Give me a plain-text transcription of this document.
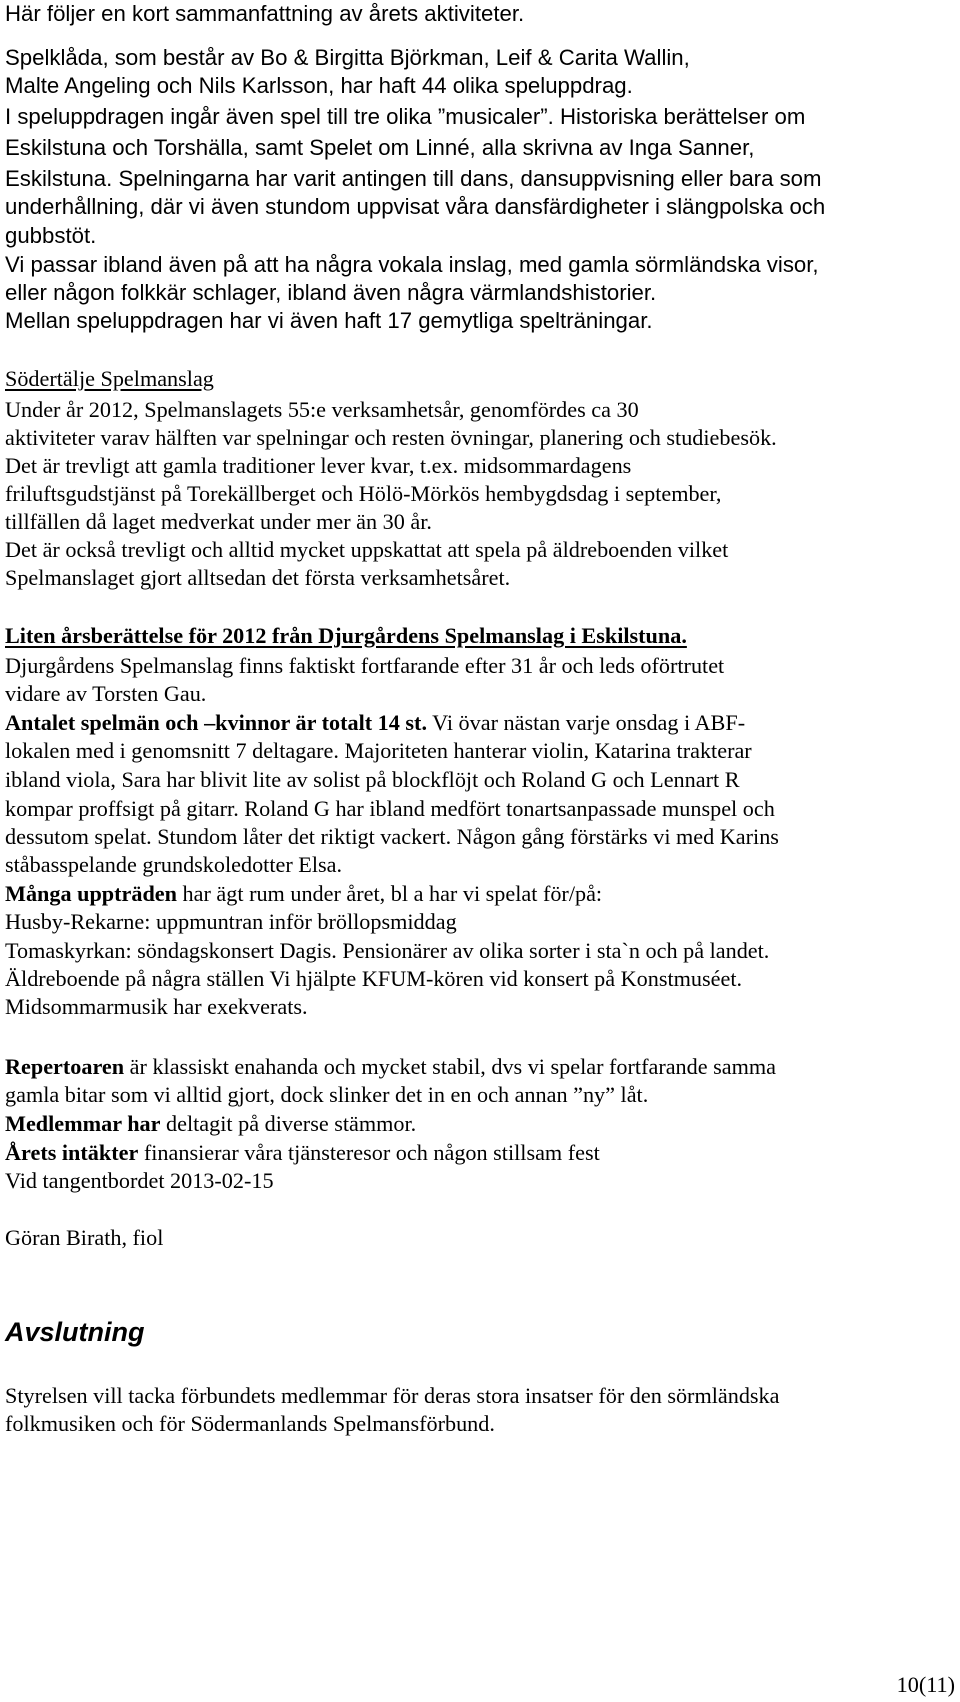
Här följer en kort sammanfattning av årets aktiviteter.
Spelklåda, som består av Bo & Birgitta Björkman, Leif & Carita Wallin,
Malte Angeling och Nils Karlsson, har haft 44 olika speluppdrag.
I speluppdragen ingår även spel till tre olika ”musicaler”. Historiska berättelser om
Eskilstuna och Torshälla, samt Spelet om Linné, alla skrivna av Inga Sanner,
Eskilstuna. Spelningarna har varit antingen till dans, dansuppvisning eller bara som
underhållning, där vi även stundom uppvisat våra dansfärdigheter i slängpolska och
gubbstöt.
Vi passar ibland även på att ha några vokala inslag, med gamla sörmländska visor,
eller någon folkkär schlager, ibland även några värmlandshistorier.
Mellan speluppdragen har vi även haft 17 gemytliga spelträningar.
Södertälje Spelmanslag
Under år 2012, Spelmanslagets 55:e verksamhetsår, genomfördes ca 30
aktiviteter varav hälften var spelningar och resten övningar, planering och studiebesök.
Det är trevligt att gamla traditioner lever kvar, t.ex. midsommardagens
friluftsgudstjänst på Torekällberget och Hölö-Mörkös hembygdsdag i september,
tillfällen då laget medverkat under mer än 30 år.
Det är också trevligt och alltid mycket uppskattat att spela på äldreboenden vilket
Spelmanslaget gjort alltsedan det första verksamhetsåret.
Liten årsberättelse för 2012 från Djurgårdens Spelmanslag i Eskilstuna.
Djurgårdens Spelmanslag finns faktiskt fortfarande efter 31 år och leds oförtrutet
vidare av Torsten Gau.
Antalet spelmän och –kvinnor är totalt 14 st. Vi övar nästan varje onsdag i ABF-
lokalen med i genomsnitt 7 deltagare. Majoriteten hanterar violin, Katarina trakterar
ibland viola, Sara har blivit lite av solist på blockflöjt och Roland G och Lennart R
kompar proffsigt på gitarr. Roland G har ibland medfört tonartsanpassade munspel och
dessutom spelat. Stundom låter det riktigt vackert. Någon gång förstärks vi med Karins
ståbasspelande grundskoledotter Elsa.
Många uppträden har ägt rum under året, bl a har vi spelat för/på:
Husby-Rekarne: uppmuntran inför bröllopsmiddag
Tomaskyrkan: söndagskonsert Dagis. Pensionärer av olika sorter i sta`n och på landet.
Äldreboende på några ställen Vi hjälpte KFUM-kören vid konsert på Konstmuséet.
Midsommarmusik har exekverats.
Repertoaren är klassiskt enahanda och mycket stabil, dvs vi spelar fortfarande samma
gamla bitar som vi alltid gjort, dock slinker det in en och annan ”ny” låt.
Medlemmar har deltagit på diverse stämmor.
Årets intäkter finansierar våra tjänsteresor och någon stillsam fest
Vid tangentbordet 2013-02-15
Göran Birath, fiol
Avslutning
Styrelsen vill tacka förbundets medlemmar för deras stora insatser för den sörmländska
folkmusiken och för Södermanlands Spelmansförbund.
10(11)
